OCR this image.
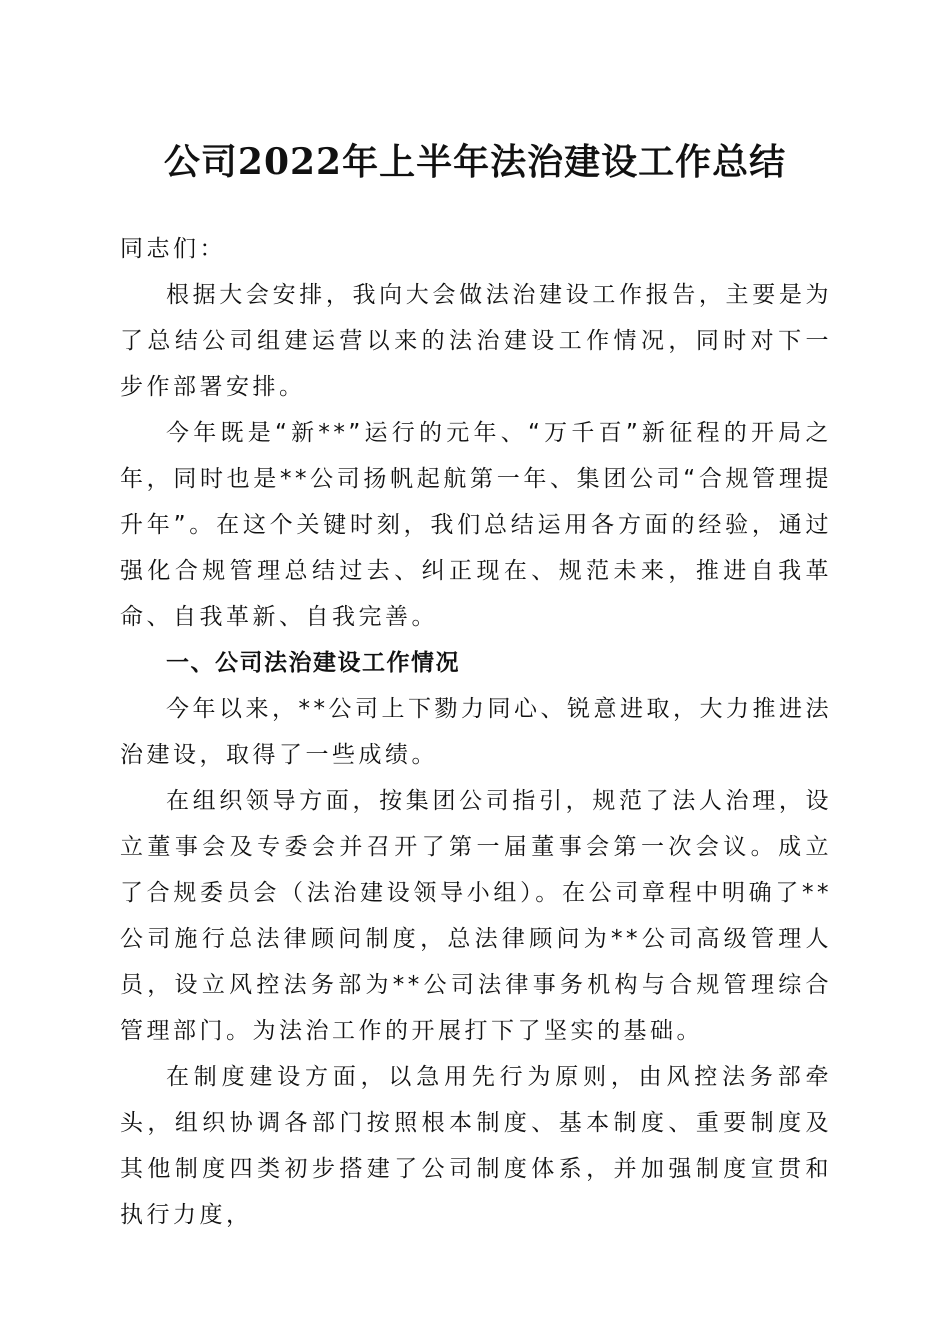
公司2022年上半年法治建设工作总结

同志们：

根据大会安排，我向大会做法治建设工作报告，主要是为了总结公司组建运营以来的法治建设工作情况，同时对下一步作部署安排。

今年既是“新**”运行的元年、“万千百”新征程的开局之年，同时也是**公司扬帆起航第一年、集团公司“合规管理提升年”。在这个关键时刻，我们总结运用各方面的经验，通过强化合规管理总结过去、纠正现在、规范未来，推进自我革命、自我革新、自我完善。

一、公司法治建设工作情况

今年以来，**公司上下勠力同心、锐意进取，大力推进法治建设，取得了一些成绩。

在组织领导方面，按集团公司指引，规范了法人治理，设立董事会及专委会并召开了第一届董事会第一次会议。成立了合规委员会（法治建设领导小组）。在公司章程中明确了**公司施行总法律顾问制度，总法律顾问为**公司高级管理人员，设立风控法务部为**公司法律事务机构与合规管理综合管理部门。为法治工作的开展打下了坚实的基础。

在制度建设方面，以急用先行为原则，由风控法务部牵头，组织协调各部门按照根本制度、基本制度、重要制度及其他制度四类初步搭建了公司制度体系，并加强制度宣贯和执行力度，
